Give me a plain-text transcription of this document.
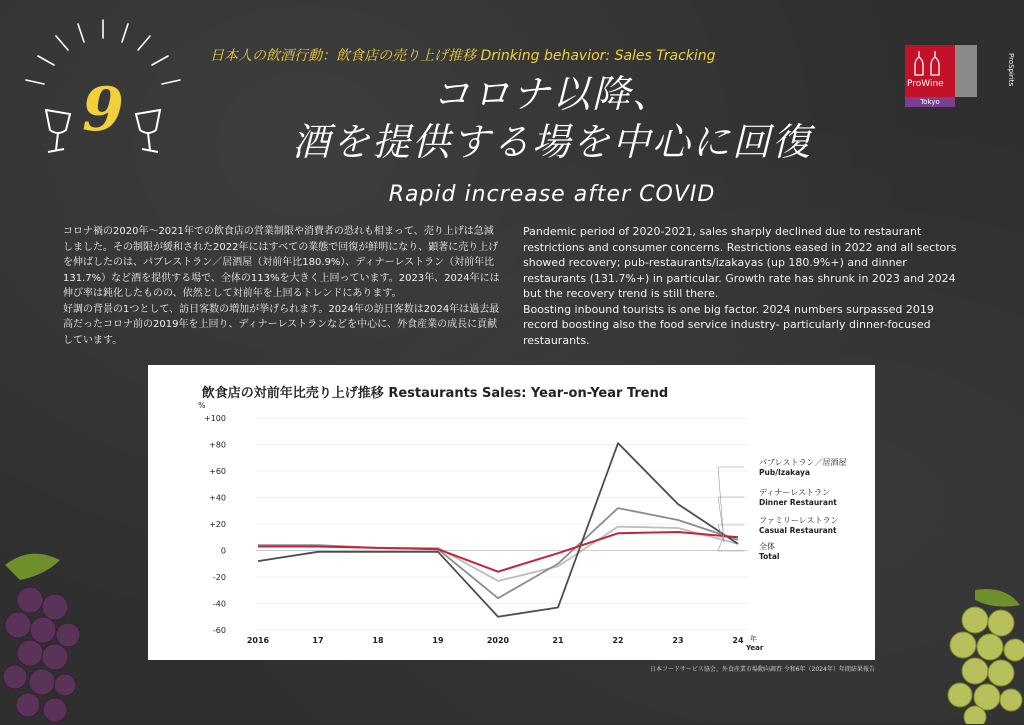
9
日本人の飲酒行動：飲食店の売り上げ推移 Drinking behavior: Sales Tracking
コロナ以降、
酒を提供する場を中心に回復
Rapid increase after COVID
ProWine	ProSpirits
Tokyo

コロナ禍の2020年〜2021年での飲食店の営業制限や消費者の恐れも相まって、売り上げは急減しました。その制限が緩和された2022年にはすべての業態で回復が鮮明になり、顕著に売り上げを伸ばしたのは、パブレストラン／居酒屋（対前年比180.9%）、ディナーレストラン（対前年比131.7%）など酒を提供する場で、全体の113%を大きく上回っています。2023年、2024年には伸び率は鈍化したものの、依然として対前年を上回るトレンドにあります。

好調の背景の1つとして、訪日客数の増加が挙げられます。2024年の訪日客数は2024年は過去最高だったコロナ前の2019年を上回り、ディナーレストランなどを中心に、外食産業の成長に貢献しています。

Pandemic period of 2020-2021, sales sharply declined due to restaurant restrictions and consumer concerns. Restrictions eased in 2022 and all sectors showed recovery; pub-restaurants/izakayas (up 180.9%+) and dinner restaurants (131.7%+) in particular. Growth rate has shrunk in 2023 and 2024 but the recovery trend is still there.

Boosting inbound tourists is one big factor. 2024 numbers surpassed 2019 record boosting also the food service industry- particularly dinner-focused restaurants.

飲食店の対前年比売り上げ推移 Restaurants Sales: Year-on-Year Trend
%
+100
+80
+60
+40
+20
0
-20
-40
-60
2016	17	18	19	2020	21	22	23	24
パブレストラン／居酒屋
Pub/Izakaya
ディナーレストラン
Dinner Restaurant
ファミリーレストラン
Casual Restaurant
全体
Total
Year
年
日本フードサービス協会、外食産業市場動向調査 令和6年（2024年）年間結果報告
